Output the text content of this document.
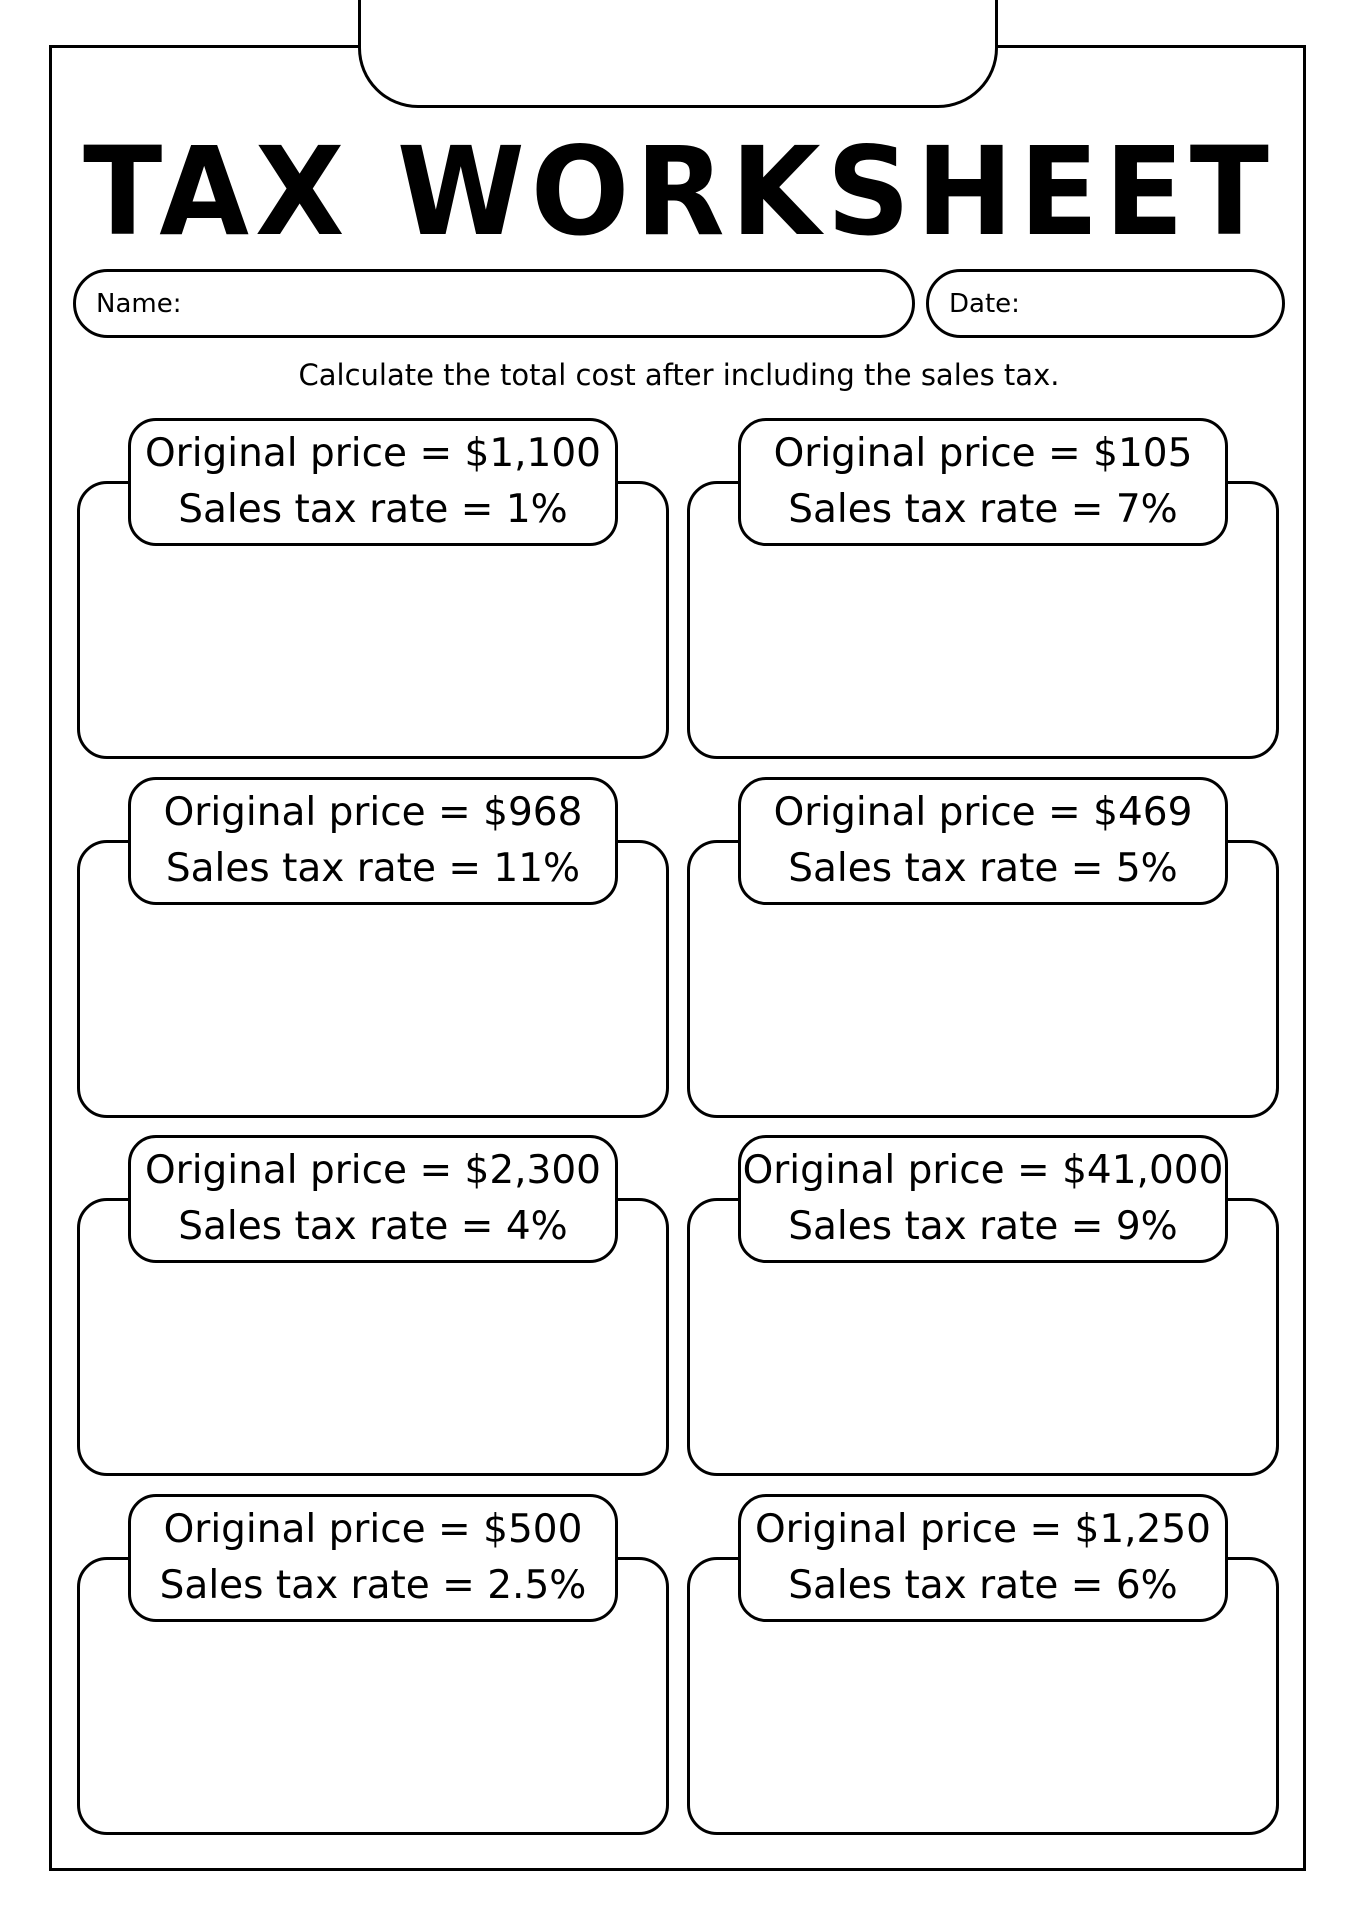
TAX WORKSHEET
Name:	Date:
Calculate the total cost after including the sales tax.
Original price = $1,100
Sales tax rate = 1%
Original price = $105
Sales tax rate = 7%
Original price = $968
Sales tax rate = 11%
Original price = $469
Sales tax rate = 5%
Original price = $2,300
Sales tax rate = 4%
Original price = $41,000
Sales tax rate = 9%
Original price = $500
Sales tax rate = 2.5%
Original price = $1,250
Sales tax rate = 6%
